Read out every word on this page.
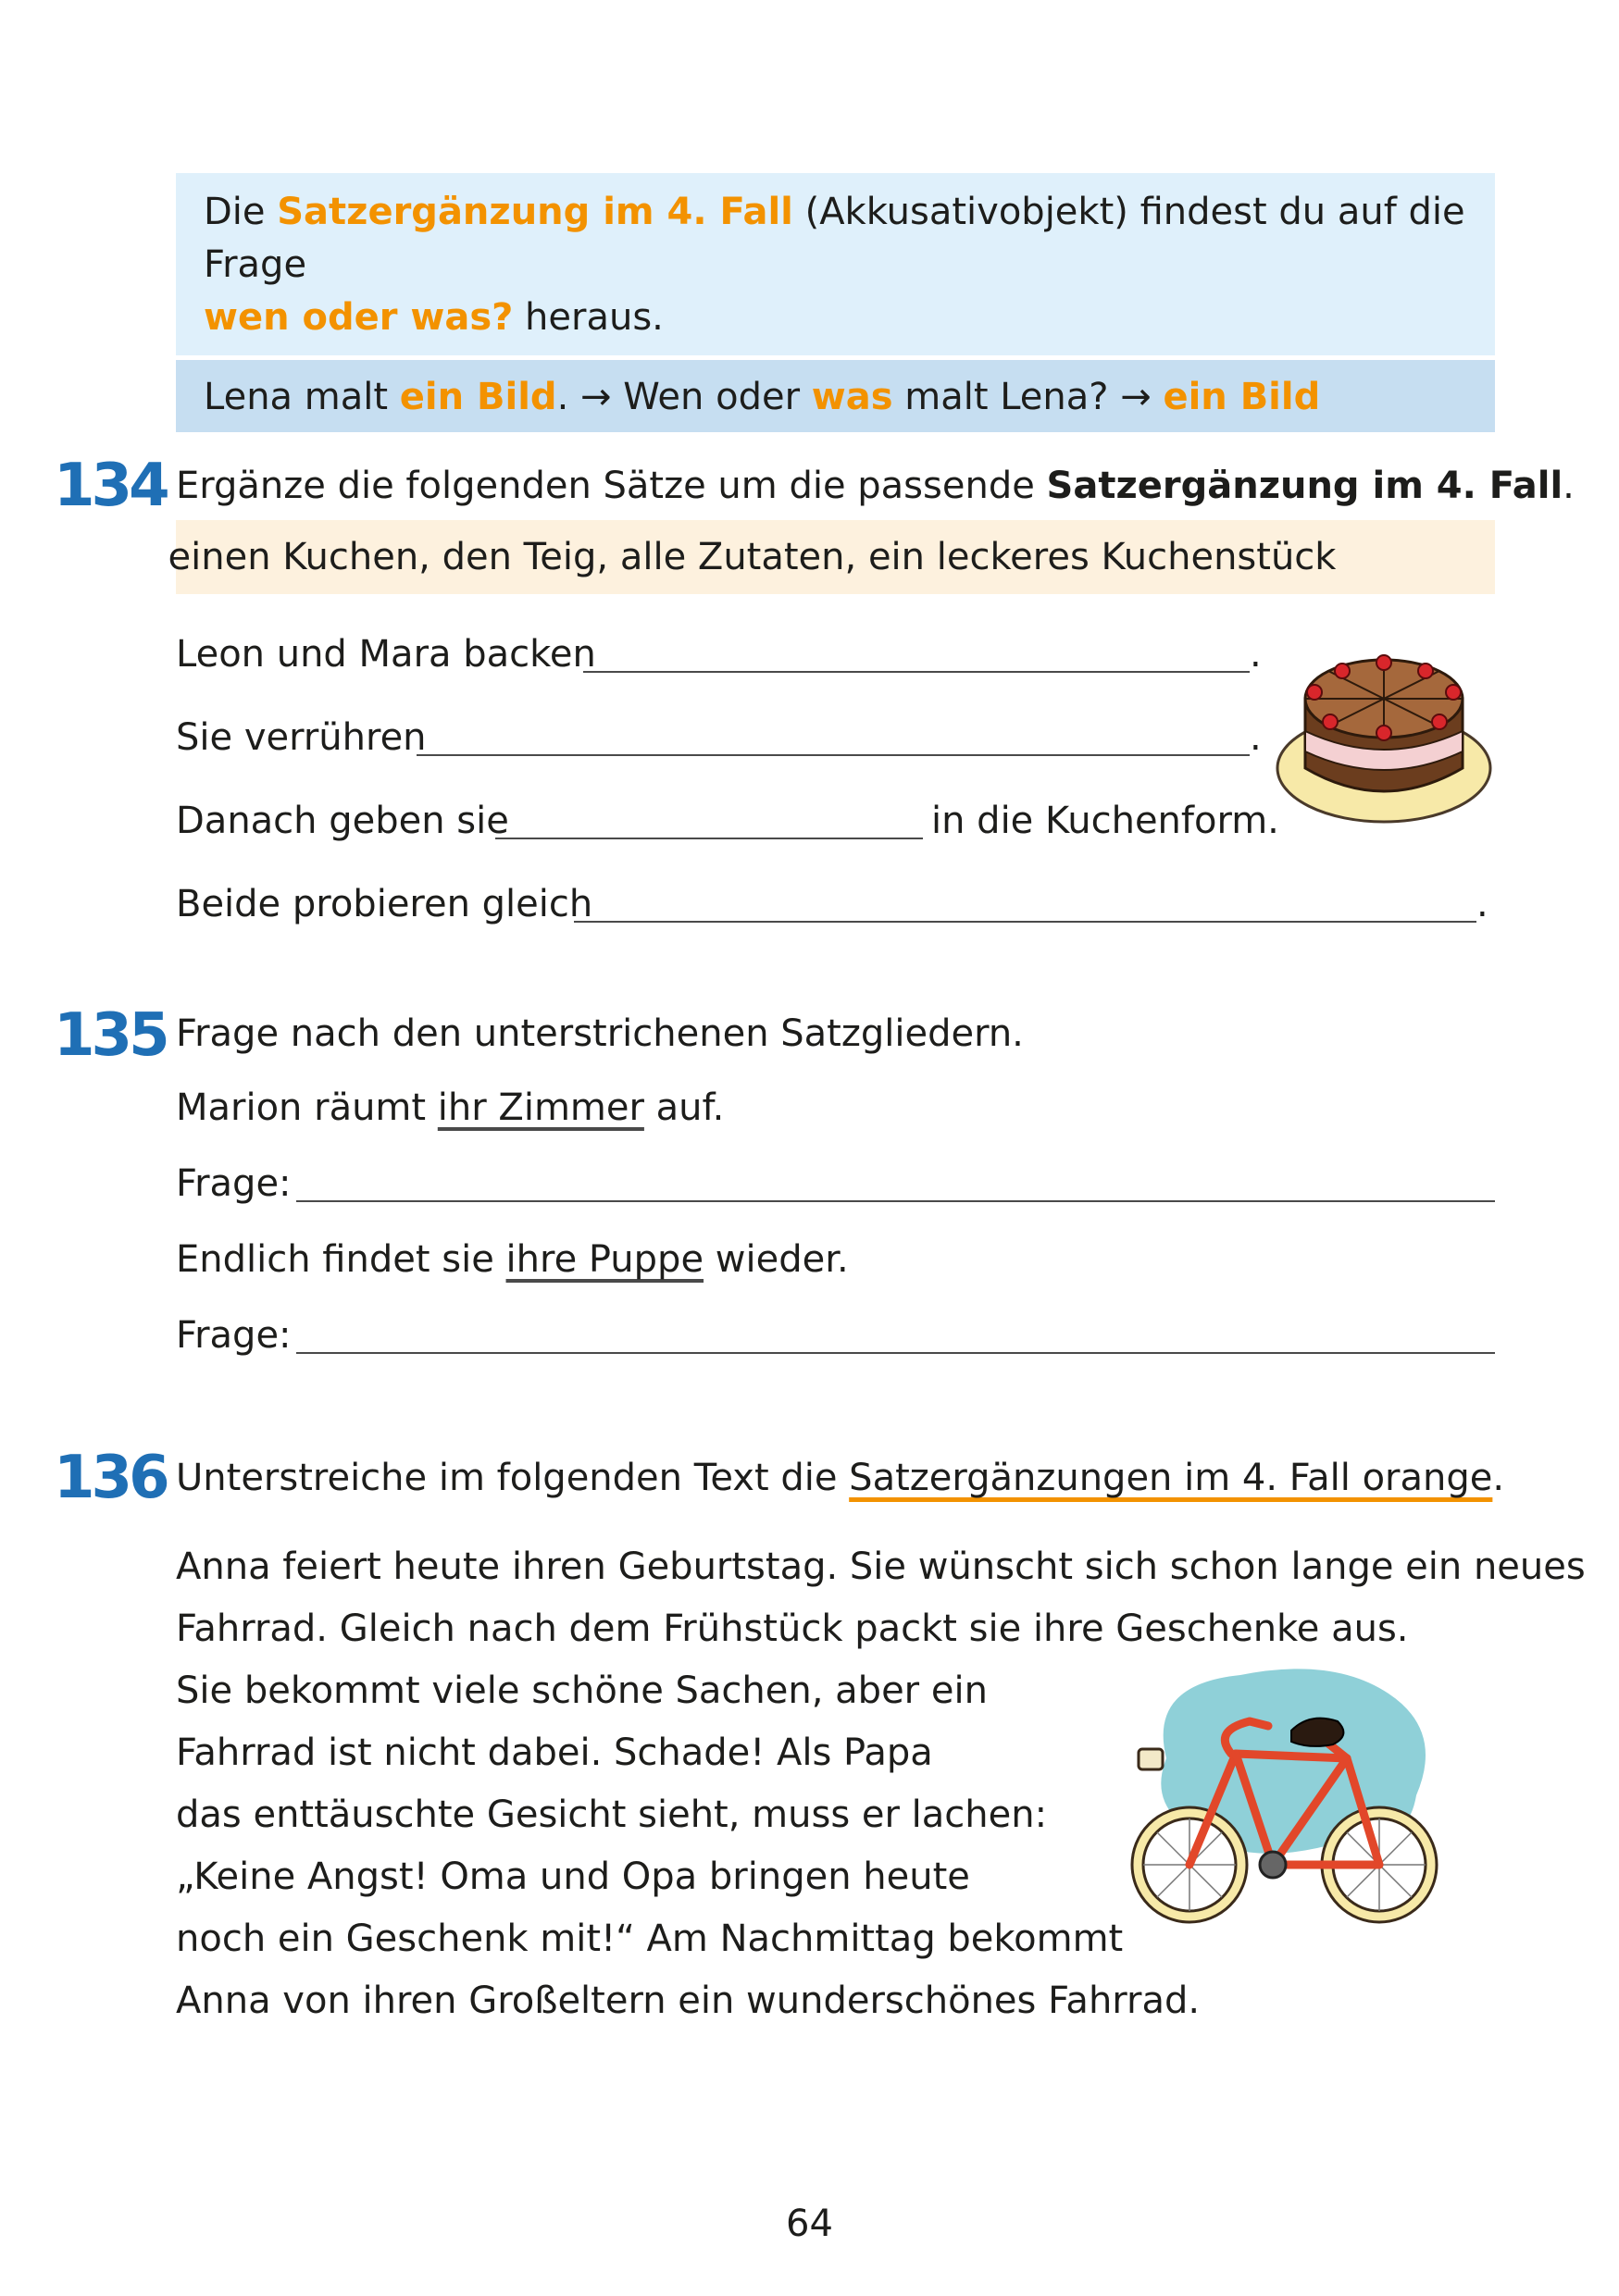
Die Satzergänzung im 4. Fall (Akkusativobjekt) findest du auf die Frage
wen oder was? heraus.
Lena malt ein Bild. → Wen oder was malt Lena? → ein Bild
134 Ergänze die folgenden Sätze um die passende Satzergänzung im 4. Fall.
einen Kuchen, den Teig, alle Zutaten, ein leckeres Kuchenstück
Leon und Mara backen	.
Sie verrühren	.
Danach geben sie	in die Kuchenform.
Beide probieren gleich	.
135 Frage nach den unterstrichenen Satzgliedern.
Marion räumt ihr Zimmer auf.
Frage:
Endlich findet sie ihre Puppe wieder.
Frage:
136 Unterstreiche im folgenden Text die Satzergänzungen im 4. Fall orange.
Anna feiert heute ihren Geburtstag. Sie wünscht sich schon lange ein neues
Fahrrad. Gleich nach dem Frühstück packt sie ihre Geschenke aus.
Sie bekommt viele schöne Sachen, aber ein
Fahrrad ist nicht dabei. Schade! Als Papa
das enttäuschte Gesicht sieht, muss er lachen:
„Keine Angst! Oma und Opa bringen heute
noch ein Geschenk mit!“ Am Nachmittag bekommt
Anna von ihren Großeltern ein wunderschönes Fahrrad.
64
